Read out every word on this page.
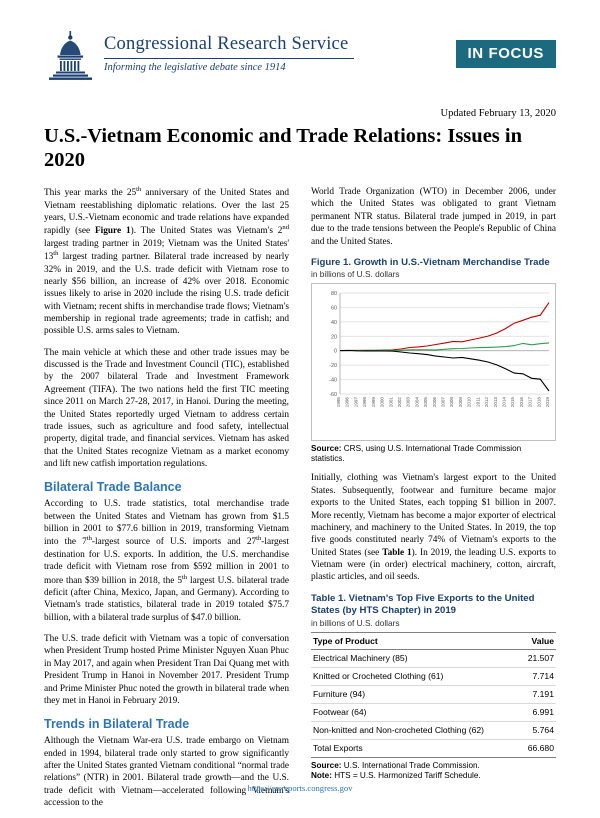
Congressional Research Service
Informing the legislative debate since 1914
IN FOCUS
Updated February 13, 2020
U.S.-Vietnam Economic and Trade Relations: Issues in 2020

This year marks the 25th anniversary of the United States and Vietnam reestablishing diplomatic relations. Over the last 25 years, U.S.-Vietnam economic and trade relations have expanded rapidly (see Figure 1). The United States was Vietnam's 2nd largest trading partner in 2019; Vietnam was the United States' 13th largest trading partner. Bilateral trade increased by nearly 32% in 2019, and the U.S. trade deficit with Vietnam rose to nearly $56 billion, an increase of 42% over 2018. Economic issues likely to arise in 2020 include the rising U.S. trade deficit with Vietnam; recent shifts in merchandise trade flows; Vietnam's membership in regional trade agreements; trade in catfish; and possible U.S. arms sales to Vietnam.

The main vehicle at which these and other trade issues may be discussed is the Trade and Investment Council (TIC), established by the 2007 bilateral Trade and Investment Framework Agreement (TIFA). The two nations held the first TIC meeting since 2011 on March 27-28, 2017, in Hanoi. During the meeting, the United States reportedly urged Vietnam to address certain trade issues, such as agriculture and food safety, intellectual property, digital trade, and financial services. Vietnam has asked that the United States recognize Vietnam as a market economy and lift new catfish importation regulations.

Bilateral Trade Balance

According to U.S. trade statistics, total merchandise trade between the United States and Vietnam has grown from $1.5 billion in 2001 to $77.6 billion in 2019, transforming Vietnam into the 7th-largest source of U.S. imports and 27th-largest destination for U.S. exports. In addition, the U.S. merchandise trade deficit with Vietnam rose from $592 million in 2001 to more than $39 billion in 2018, the 5th largest U.S. bilateral trade deficit (after China, Mexico, Japan, and Germany). According to Vietnam's trade statistics, bilateral trade in 2019 totaled $75.7 billion, with a bilateral trade surplus of $47.0 billion.

The U.S. trade deficit with Vietnam was a topic of conversation when President Trump hosted Prime Minister Nguyen Xuan Phuc in May 2017, and again when President Tran Dai Quang met with President Trump in Hanoi in November 2017. President Trump and Prime Minister Phuc noted the growth in bilateral trade when they met in Hanoi in February 2019.

Trends in Bilateral Trade

Although the Vietnam War-era U.S. trade embargo on Vietnam ended in 1994, bilateral trade only started to grow significantly after the United States granted Vietnam conditional “normal trade relations” (NTR) in 2001. Bilateral trade growth—and the U.S. trade deficit with Vietnam—accelerated following Vietnam's accession to the

World Trade Organization (WTO) in December 2006, under which the United States was obligated to grant Vietnam permanent NTR status. Bilateral trade jumped in 2019, in part due to the trade tensions between the People's Republic of China and the United States.

Figure 1. Growth in U.S.-Vietnam Merchandise Trade
in billions of U.S. dollars
-60
-40
-20
0
20
40
60
80
1995 1996 1997 1998 1999 2000 2001 2002 2003 2004 2005 2006 2007 2008 2009 2010 2011 2012 2013 2014 2015 2016 2017 2018 2019
Source: CRS, using U.S. International Trade Commission statistics.

Initially, clothing was Vietnam's largest export to the United States. Subsequently, footwear and furniture became major exports to the United States, each topping $1 billion in 2007. More recently, Vietnam has become a major exporter of electrical machinery, and machinery to the United States. In 2019, the top five goods constituted nearly 74% of Vietnam's exports to the United States (see Table 1). In 2019, the leading U.S. exports to Vietnam were (in order) electrical machinery, cotton, aircraft, plastic articles, and oil seeds.

Table 1. Vietnam's Top Five Exports to the United States (by HTS Chapter) in 2019
in billions of U.S. dollars
Type of Product	Value
Electrical Machinery (85)	21.507
Knitted or Crocheted Clothing (61)	7.714
Furniture (94)	7.191
Footwear (64)	6.991
Non-knitted and Non-crocheted Clothing (62)	5.764
Total Exports	66.680
Source: U.S. International Trade Commission.
Note: HTS = U.S. Harmonized Tariff Schedule.
https://crsreports.congress.gov
